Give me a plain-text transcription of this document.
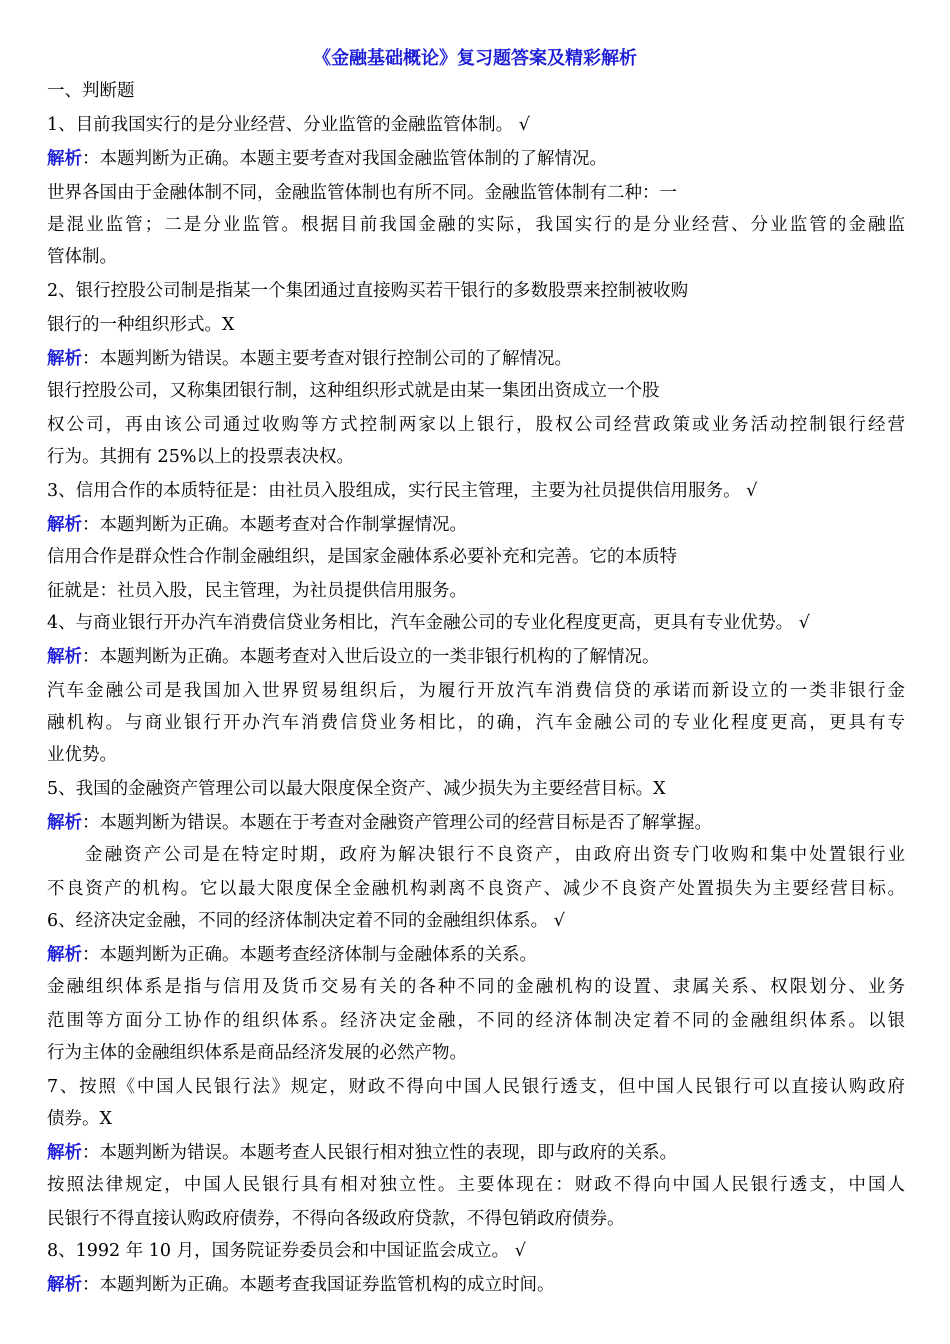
《金融基础概论》复习题答案及精彩解析
一、判断题
1、目前我国实行的是分业经营、分业监管的金融监管体制。 √
解析：本题判断为正确。本题主要考查对我国金融监管体制的了解情况。
世界各国由于金融体制不同，金融监管体制也有所不同。金融监管体制有二种：一
是混业监管；二是分业监管。根据目前我国金融的实际，我国实行的是分业经营、分业监管的金融监
管体制。
2、银行控股公司制是指某一个集团通过直接购买若干银行的多数股票来控制被收购
银行的一种组织形式。X
解析：本题判断为错误。本题主要考查对银行控制公司的了解情况。
银行控股公司，又称集团银行制，这种组织形式就是由某一集团出资成立一个股
权公司，再由该公司通过收购等方式控制两家以上银行，股权公司经营政策或业务活动控制银行经营
行为。其拥有 25%以上的投票表决权。
3、信用合作的本质特征是：由社员入股组成，实行民主管理，主要为社员提供信用服务。 √
解析：本题判断为正确。本题考查对合作制掌握情况。
信用合作是群众性合作制金融组织，是国家金融体系必要补充和完善。它的本质特
征就是：社员入股，民主管理，为社员提供信用服务。
4、与商业银行开办汽车消费信贷业务相比，汽车金融公司的专业化程度更高，更具有专业优势。 √
解析：本题判断为正确。本题考查对入世后设立的一类非银行机构的了解情况。
汽车金融公司是我国加入世界贸易组织后，为履行开放汽车消费信贷的承诺而新设立的一类非银行金
融机构。与商业银行开办汽车消费信贷业务相比，的确，汽车金融公司的专业化程度更高，更具有专
业优势。
5、我国的金融资产管理公司以最大限度保全资产、减少损失为主要经营目标。X
解析：本题判断为错误。本题在于考查对金融资产管理公司的经营目标是否了解掌握。
金融资产公司是在特定时期，政府为解决银行不良资产，由政府出资专门收购和集中处置银行业
不良资产的机构。它以最大限度保全金融机构剥离不良资产、减少不良资产处置损失为主要经营目标。
6、经济决定金融，不同的经济体制决定着不同的金融组织体系。 √
解析：本题判断为正确。本题考查经济体制与金融体系的关系。
金融组织体系是指与信用及货币交易有关的各种不同的金融机构的设置、隶属关系、权限划分、业务
范围等方面分工协作的组织体系。经济决定金融，不同的经济体制决定着不同的金融组织体系。以银
行为主体的金融组织体系是商品经济发展的必然产物。
7、按照《中国人民银行法》规定，财政不得向中国人民银行透支，但中国人民银行可以直接认购政府
债券。X
解析：本题判断为错误。本题考查人民银行相对独立性的表现，即与政府的关系。
按照法律规定，中国人民银行具有相对独立性。主要体现在：财政不得向中国人民银行透支，中国人
民银行不得直接认购政府债券，不得向各级政府贷款，不得包销政府债券。
8、1992 年 10 月，国务院证券委员会和中国证监会成立。 √
解析：本题判断为正确。本题考查我国证券监管机构的成立时间。
